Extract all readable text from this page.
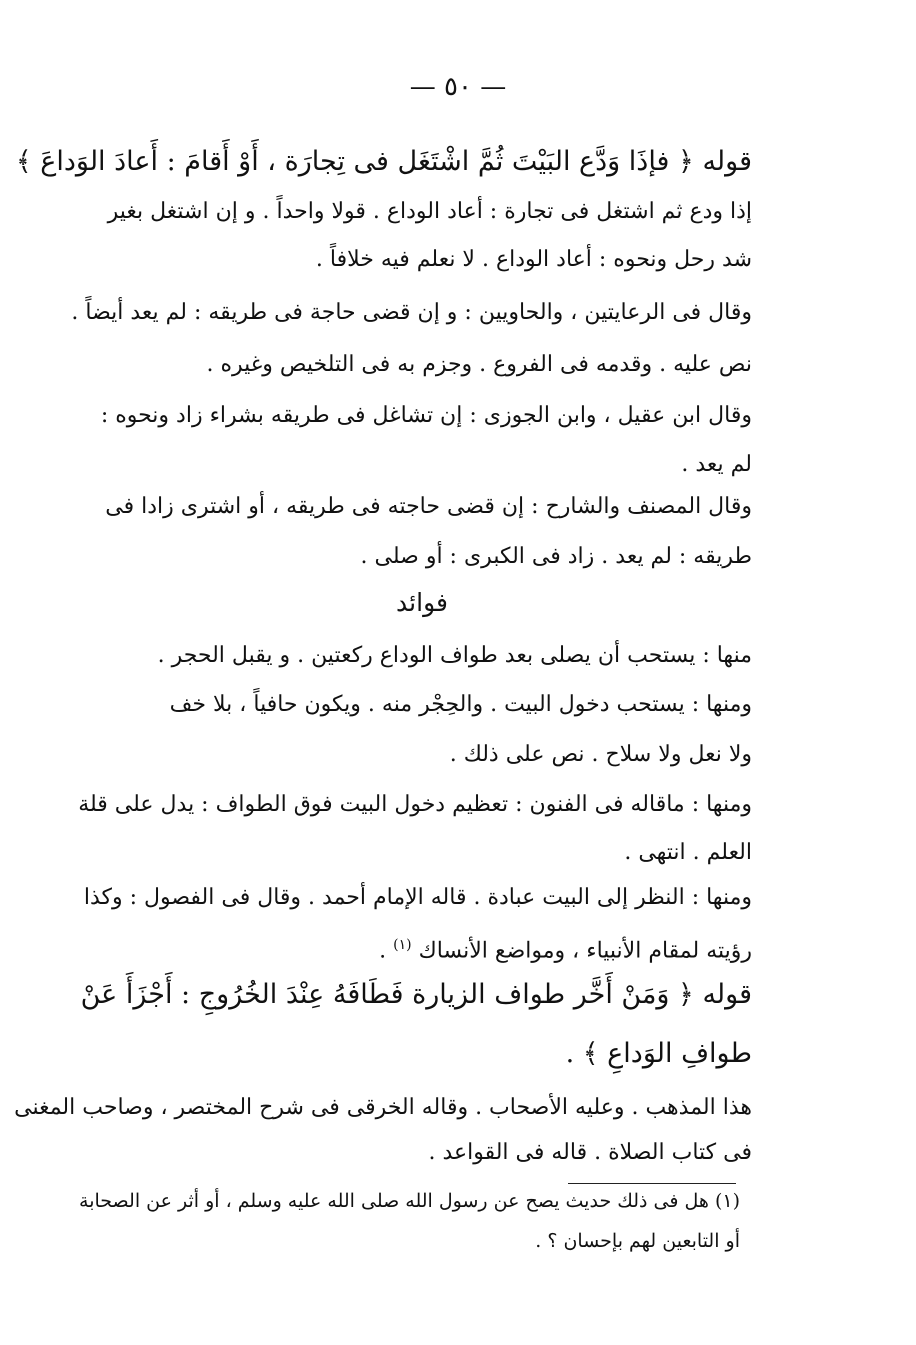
— ٥٠ —
قوله ﴿ فإذَا وَدَّع البَيْتَ ثُمَّ اشْتَغَل فى تِجارَة ، أَوْ أَقامَ : أَعادَ الوَداعَ ﴾
إذا ودع ثم اشتغل فى تجارة : أعاد الوداع . قولا واحداً . و إن اشتغل بغير
شد رحل ونحوه : أعاد الوداع . لا نعلم فيه خلافاً .
وقال فى الرعايتين ، والحاويين : و إن قضى حاجة فى طريقه : لم يعد أيضاً .
نص عليه . وقدمه فى الفروع . وجزم به فى التلخيص وغيره .
وقال ابن عقيل ، وابن الجوزى : إن تشاغل فى طريقه بشراء زاد ونحوه :
لم يعد .
وقال المصنف والشارح : إن قضى حاجته فى طريقه ، أو اشترى زادا فى
طريقه : لم يعد . زاد فى الكبرى : أو صلى .
فوائد
منها : يستحب أن يصلى بعد طواف الوداع ركعتين . و يقبل الحجر .
ومنها : يستحب دخول البيت . والحِجْر منه . ويكون حافياً ، بلا خف
ولا نعل ولا سلاح . نص على ذلك .
ومنها : ماقاله فى الفنون : تعظيم دخول البيت فوق الطواف : يدل على قلة
العلم . انتهى .
ومنها : النظر إلى البيت عبادة . قاله الإمام أحمد . وقال فى الفصول : وكذا
رؤيته لمقام الأنبياء ، ومواضع الأنساك $^{(١)}$ .
قوله ﴿ وَمَنْ أَخَّر طواف الزيارة فَطَافَهُ عِنْدَ الخُرُوجِ : أَجْزَأَ عَنْ
طوافِ الوَداعِ ﴾ .
هذا المذهب . وعليه الأصحاب . وقاله الخرقى فى شرح المختصر ، وصاحب المغنى
فى كتاب الصلاة . قاله فى القواعد .
(١) هل فى ذلك حديث يصح عن رسول الله صلى الله عليه وسلم ، أو أثر عن الصحابة
أو التابعين لهم بإحسان ؟ .
